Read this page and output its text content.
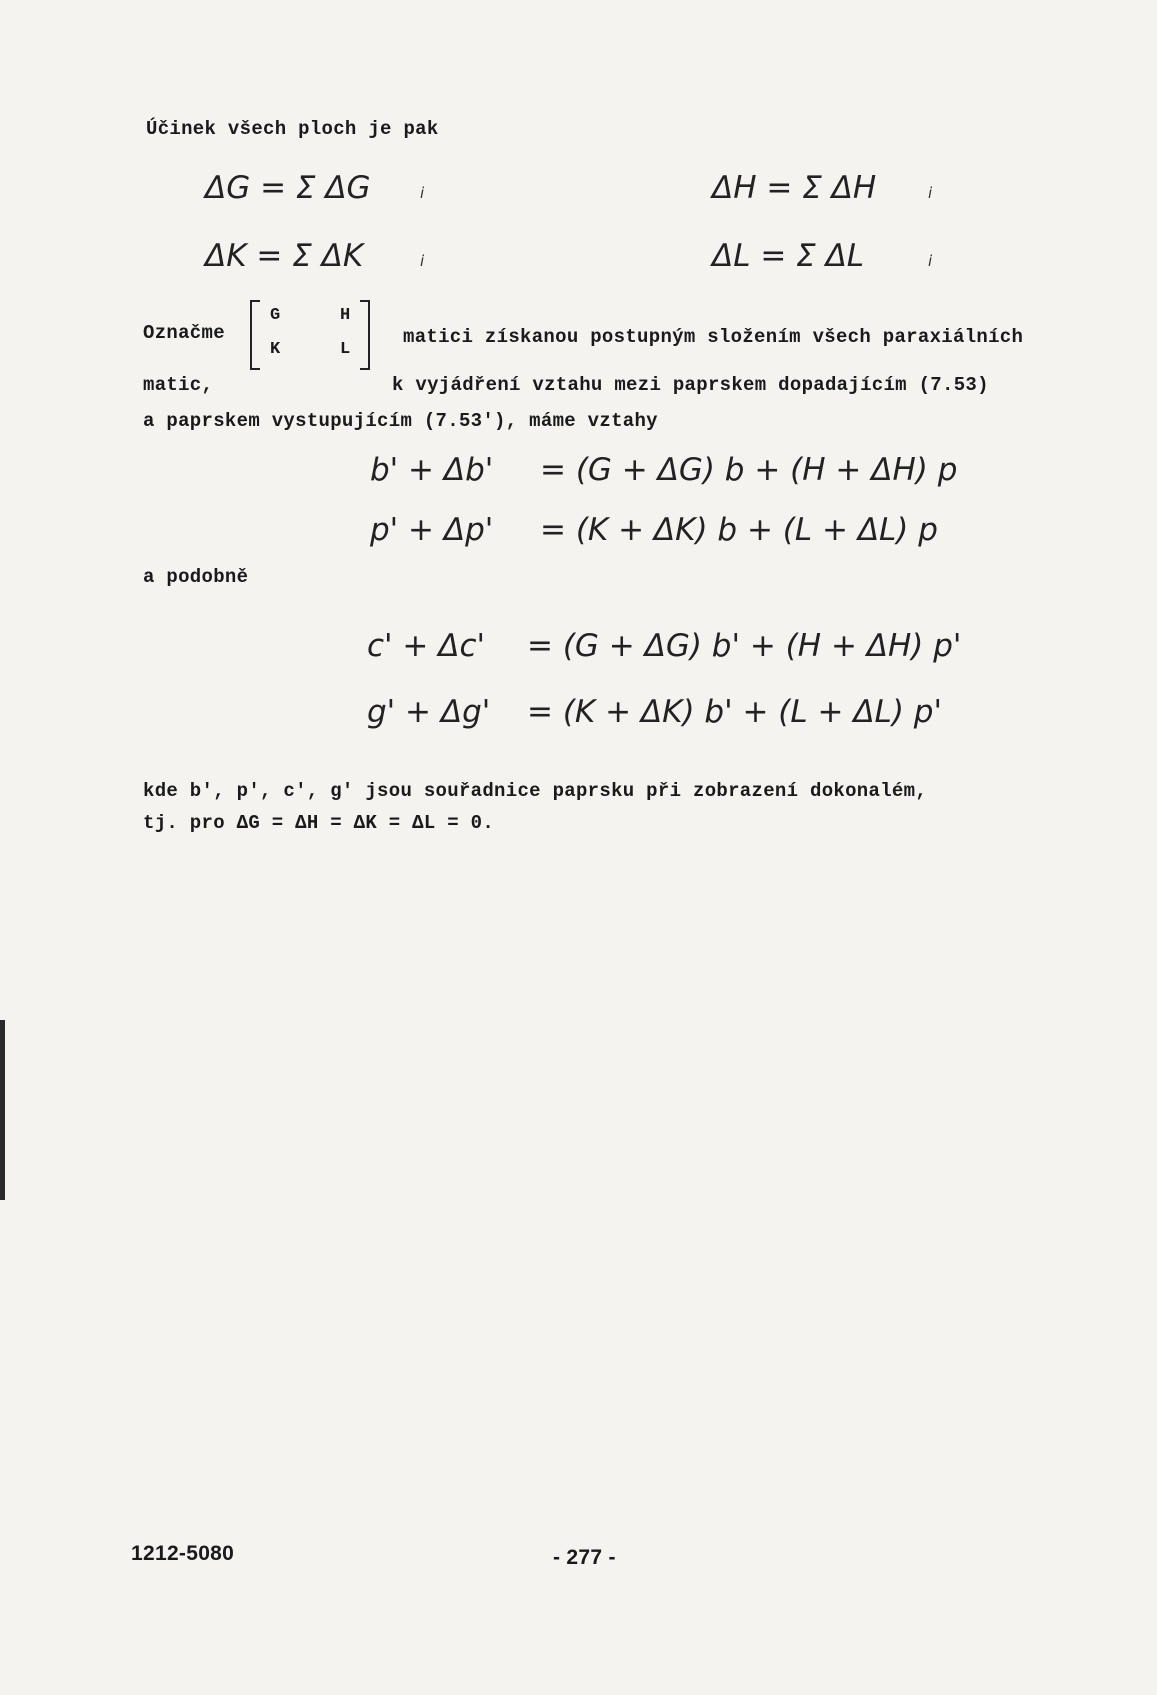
Účinek všech ploch je pak
ΔG = Σ ΔG	i	ΔH = Σ ΔH	i
ΔK = Σ ΔK	i	ΔL = Σ ΔL	i
Označme
G	H
K	L
matici získanou postupným složením všech paraxiálních
matic,	k vyjádření vztahu mezi paprskem dopadajícím (7.53)
a paprskem vystupujícím (7.53'), máme vztahy
b' + Δb' = (G + ΔG) b + (H + ΔH) p
p' + Δp' = (K + ΔK) b + (L + ΔL) p
a podobně
c' + Δc' = (G + ΔG) b' + (H + ΔH) p'
g' + Δg' = (K + ΔK) b' + (L + ΔL) p'
kde b', p', c', g' jsou souřadnice paprsku při zobrazení dokonalém,
tj. pro ΔG = ΔH = ΔK = ΔL = 0.
1212-5080	- 277 -
